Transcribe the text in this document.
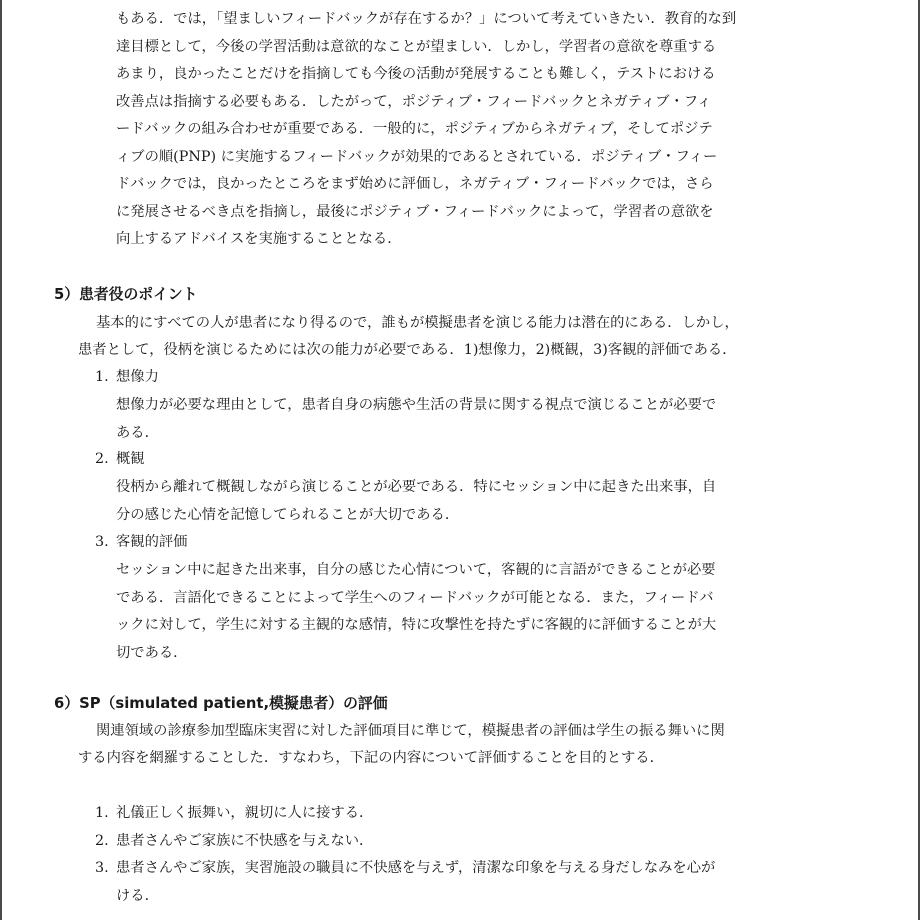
もある．では，「望ましいフィードバックが存在するか？」について考えていきたい．教育的な到
達目標として，今後の学習活動は意欲的なことが望ましい．しかし，学習者の意欲を尊重する
あまり，良かったことだけを指摘しても今後の活動が発展することも難しく，テストにおける
改善点は指摘する必要もある．したがって，ポジティブ・フィードバックとネガティブ・フィ
ードバックの組み合わせが重要である．一般的に，ポジティブからネガティブ，そしてポジテ
ィブの順(PNP) に実施するフィードバックが効果的であるとされている．ポジティブ・フィー
ドバックでは，良かったところをまず始めに評価し，ネガティブ・フィードバックでは，さら
に発展させるべき点を指摘し，最後にポジティブ・フィードバックによって，学習者の意欲を
向上するアドバイスを実施することとなる．
5）患者役のポイント
基本的にすべての人が患者になり得るので，誰もが模擬患者を演じる能力は潜在的にある．しかし，
患者として，役柄を演じるためには次の能力が必要である．1)想像力，2)概観，3)客観的評価である．
1. 想像力
想像力が必要な理由として，患者自身の病態や生活の背景に関する視点で演じることが必要で
ある．
2. 概観
役柄から離れて概観しながら演じることが必要である．特にセッション中に起きた出来事，自
分の感じた心情を記憶してられることが大切である．
3. 客観的評価
セッション中に起きた出来事，自分の感じた心情について，客観的に言語ができることが必要
である．言語化できることによって学生へのフィードバックが可能となる．また，フィードバ
ックに対して，学生に対する主観的な感情，特に攻撃性を持たずに客観的に評価することが大
切である．
6）SP（simulated patient,模擬患者）の評価
関連領域の診療参加型臨床実習に対した評価項目に準じて，模擬患者の評価は学生の振る舞いに関
する内容を網羅することした．すなわち，下記の内容について評価することを目的とする．
1. 礼儀正しく振舞い，親切に人に接する．
2. 患者さんやご家族に不快感を与えない．
3. 患者さんやご家族，実習施設の職員に不快感を与えず，清潔な印象を与える身だしなみを心が
ける．
